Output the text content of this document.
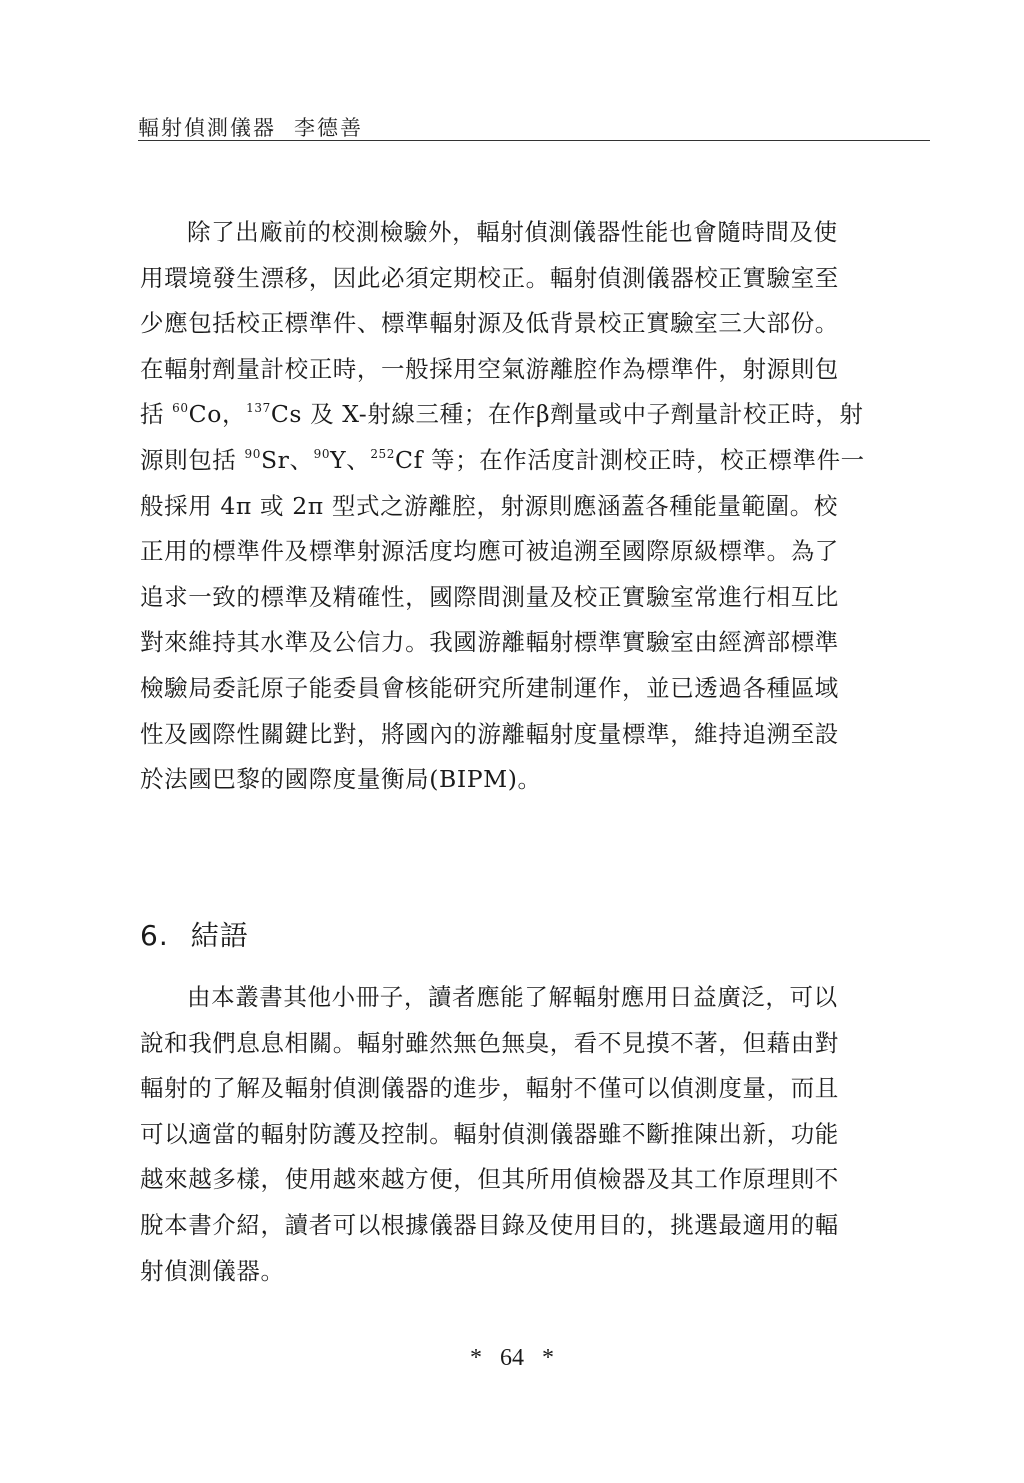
輻射偵測儀器 李德善

除了出廠前的校測檢驗外，輻射偵測儀器性能也會隨時間及使
用環境發生漂移，因此必須定期校正。輻射偵測儀器校正實驗室至
少應包括校正標準件、標準輻射源及低背景校正實驗室三大部份。
在輻射劑量計校正時，一般採用空氣游離腔作為標準件，射源則包
括 $^{60}$Co，$^{137}$Cs 及 X-射線三種；在作β劑量或中子劑量計校正時，射
源則包括 $^{90}$Sr、$^{90}$Y、$^{252}$Cf 等；在作活度計測校正時，校正標準件一
般採用 4π 或 2π 型式之游離腔，射源則應涵蓋各種能量範圍。校
正用的標準件及標準射源活度均應可被追溯至國際原級標準。為了
追求一致的標準及精確性，國際間測量及校正實驗室常進行相互比
對來維持其水準及公信力。我國游離輻射標準實驗室由經濟部標準
檢驗局委託原子能委員會核能研究所建制運作，並已透過各種區域
性及國際性關鍵比對，將國內的游離輻射度量標準，維持追溯至設
於法國巴黎的國際度量衡局(BIPM)。

6. 結語

由本叢書其他小冊子，讀者應能了解輻射應用日益廣泛，可以
說和我們息息相關。輻射雖然無色無臭，看不見摸不著，但藉由對
輻射的了解及輻射偵測儀器的進步，輻射不僅可以偵測度量，而且
可以適當的輻射防護及控制。輻射偵測儀器雖不斷推陳出新，功能
越來越多樣，使用越來越方便，但其所用偵檢器及其工作原理則不
脫本書介紹，讀者可以根據儀器目錄及使用目的，挑選最適用的輻
射偵測儀器。

* 64 *
